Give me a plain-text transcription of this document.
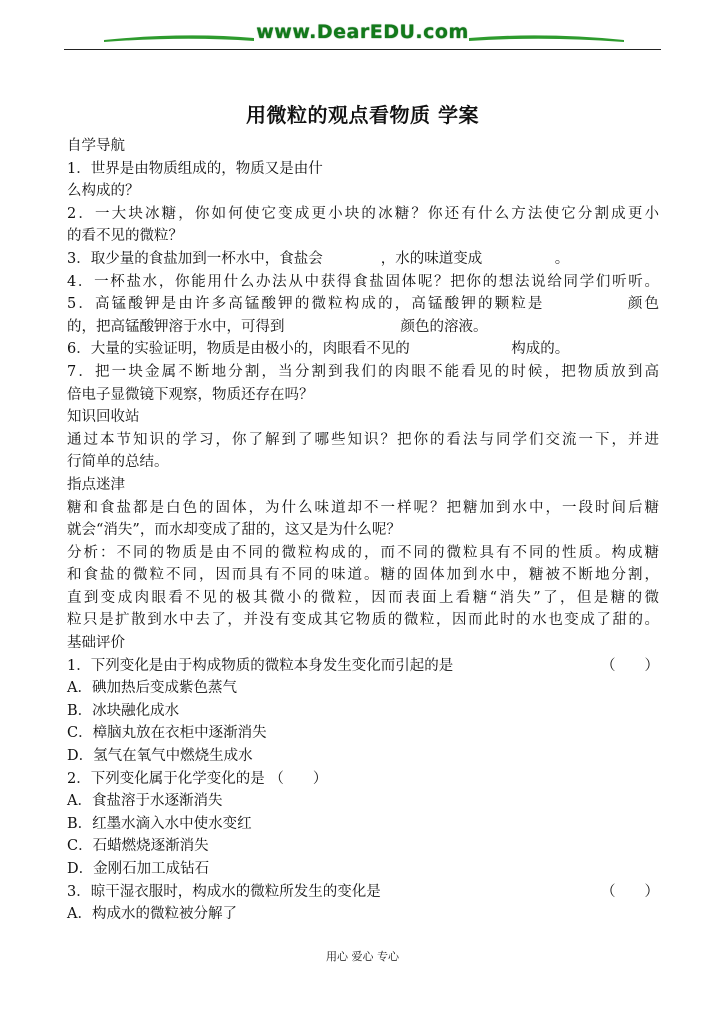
www.DearEDU.com
用微粒的观点看物质 学案
自学导航
1．世界是由物质组成的，物质又是由什
么构成的？
2．一大块冰糖，你如何使它变成更小块的冰糖？你还有什么方法使它分割成更小
的看不见的微粒？
3．取少量的食盐加到一杯水中，食盐会　　　　，水的味道变成　　　　　。
4．一杯盐水，你能用什么办法从中获得食盐固体呢？把你的想法说给同学们听听。
5．高锰酸钾是由许多高锰酸钾的微粒构成的，高锰酸钾的颗粒是　　　　　颜色
的，把高锰酸钾溶于水中，可得到　　　　　　　　颜色的溶液。
6．大量的实验证明，物质是由极小的，肉眼看不见的　　　　　　　构成的。
7．把一块金属不断地分割，当分割到我们的肉眼不能看见的时候，把物质放到高
倍电子显微镜下观察，物质还存在吗？
知识回收站
通过本节知识的学习，你了解到了哪些知识？把你的看法与同学们交流一下，并进
行简单的总结。
指点迷津
糖和食盐都是白色的固体，为什么味道却不一样呢？把糖加到水中，一段时间后糖
就会“消失”，而水却变成了甜的，这又是为什么呢？
分析：不同的物质是由不同的微粒构成的，而不同的微粒具有不同的性质。构成糖
和食盐的微粒不同，因而具有不同的味道。糖的固体加到水中，糖被不断地分割，
直到变成肉眼看不见的极其微小的微粒，因而表面上看糖“消失”了，但是糖的微
粒只是扩散到水中去了，并没有变成其它物质的微粒，因而此时的水也变成了甜的。
基础评价
1．下列变化是由于构成物质的微粒本身发生变化而引起的是	（　　）
A．碘加热后变成紫色蒸气
B．冰块融化成水
C．樟脑丸放在衣柜中逐渐消失
D．氢气在氧气中燃烧生成水
2．下列变化属于化学变化的是 （　　）
A．食盐溶于水逐渐消失
B．红墨水滴入水中使水变红
C．石蜡燃烧逐渐消失
D．金刚石加工成钻石
3．晾干湿衣服时，构成水的微粒所发生的变化是	（　　）
A．构成水的微粒被分解了
用心 爱心 专心
